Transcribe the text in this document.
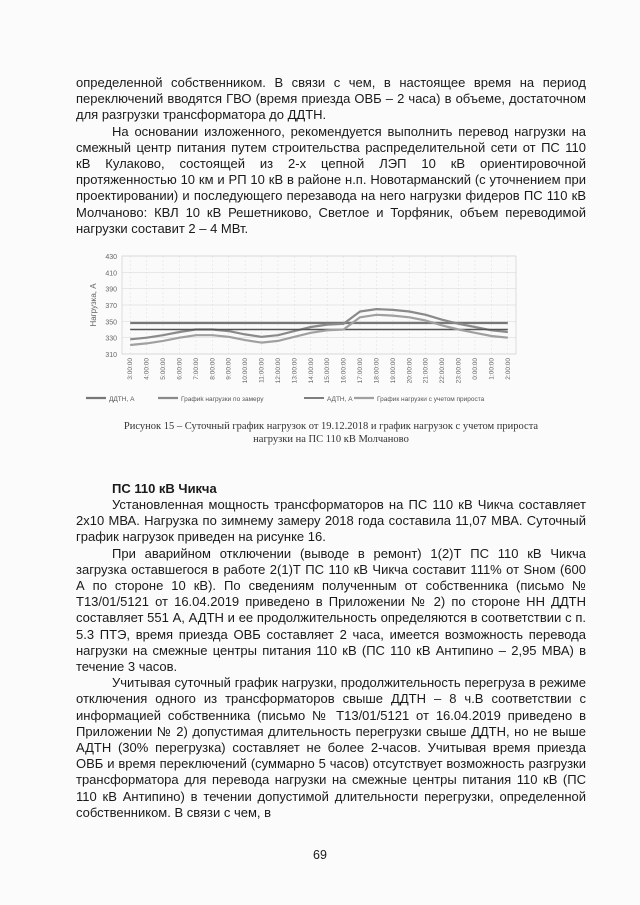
определенной собственником. В связи с чем, в настоящее время на период переключений вводятся ГВО (время приезда ОВБ – 2 часа) в объеме, достаточном для разгрузки трансформатора до ДДТН.

На основании изложенного, рекомендуется выполнить перевод нагрузки на смежный центр питания путем строительства распределительной сети от ПС 110 кВ Кулаково, состоящей из 2-х цепной ЛЭП 10 кВ ориентировочной протяженностью 10 км и РП 10 кВ в районе н.п. Новотарманский (с уточнением при проектировании) и последующего перезавода на него нагрузки фидеров ПС 110 кВ Молчаново: КВЛ 10 кВ Решетниково, Светлое и Торфяник, объем переводимой нагрузки составит 2 – 4 МВт.

310
330
350
370
390
410
430
3:00:00 4:00:00 5:00:00 6:00:00 7:00:00 8:00:00 9:00:00 10:00:00 11:00:00 12:00:00 13:00:00 14:00:00 15:00:00 16:00:00 17:00:00 18:00:00 19:00:00 20:00:00 21:00:00 22:00:00 23:00:00 0:00:00 1:00:00 2:00:00
Нагрузка, А
ДДТН, А	Графиk нагрузки по замеру	АДТН, А	График нагрузки с учетом прироста
Рисунок 15 – Суточный график нагрузок от 19.12.2018 и график нагрузок с учетом прироста
нагрузки на ПС 110 кВ Молчаново
ПС 110 кВ Чикча

Установленная мощность трансформаторов на ПС 110 кВ Чикча составляет 2х10 МВА. Нагрузка по зимнему замеру 2018 года составила 11,07 МВА. Суточный график нагрузок приведен на рисунке 16.

При аварийном отключении (выводе в ремонт) 1(2)Т ПС 110 кВ Чикча загрузка оставшегося в работе 2(1)Т ПС 110 кВ Чикча составит 111% от Sном (600 А по стороне 10 кВ). По сведениям полученным от собственника (письмо № Т13/01/5121 от 16.04.2019 приведено в Приложении № 2) по стороне НН ДДТН составляет 551 А, АДТН и ее продолжительность определяются в соответствии с п. 5.3 ПТЭ, время приезда ОВБ составляет 2 часа, имеется возможность перевода нагрузки на смежные центры питания 110 кВ (ПС 110 кВ Антипино – 2,95 МВА) в течение 3 часов.

Учитывая суточный график нагрузки, продолжительность перегруза в режиме отключения одного из трансформаторов свыше ДДТН – 8 ч.В соответствии с информацией собственника (письмо № Т13/01/5121 от 16.04.2019 приведено в Приложении № 2) допустимая длительность перегрузки свыше ДДТН, но не выше АДТН (30% перегрузка) составляет не более 2-часов. Учитывая время приезда ОВБ и время переключений (суммарно 5 часов) отсутствует возможность разгрузки трансформатора для перевода нагрузки на смежные центры питания 110 кВ (ПС 110 кВ Антипино) в течении допустимой длительности перегрузки, определенной собственником. В связи с чем, в

69
